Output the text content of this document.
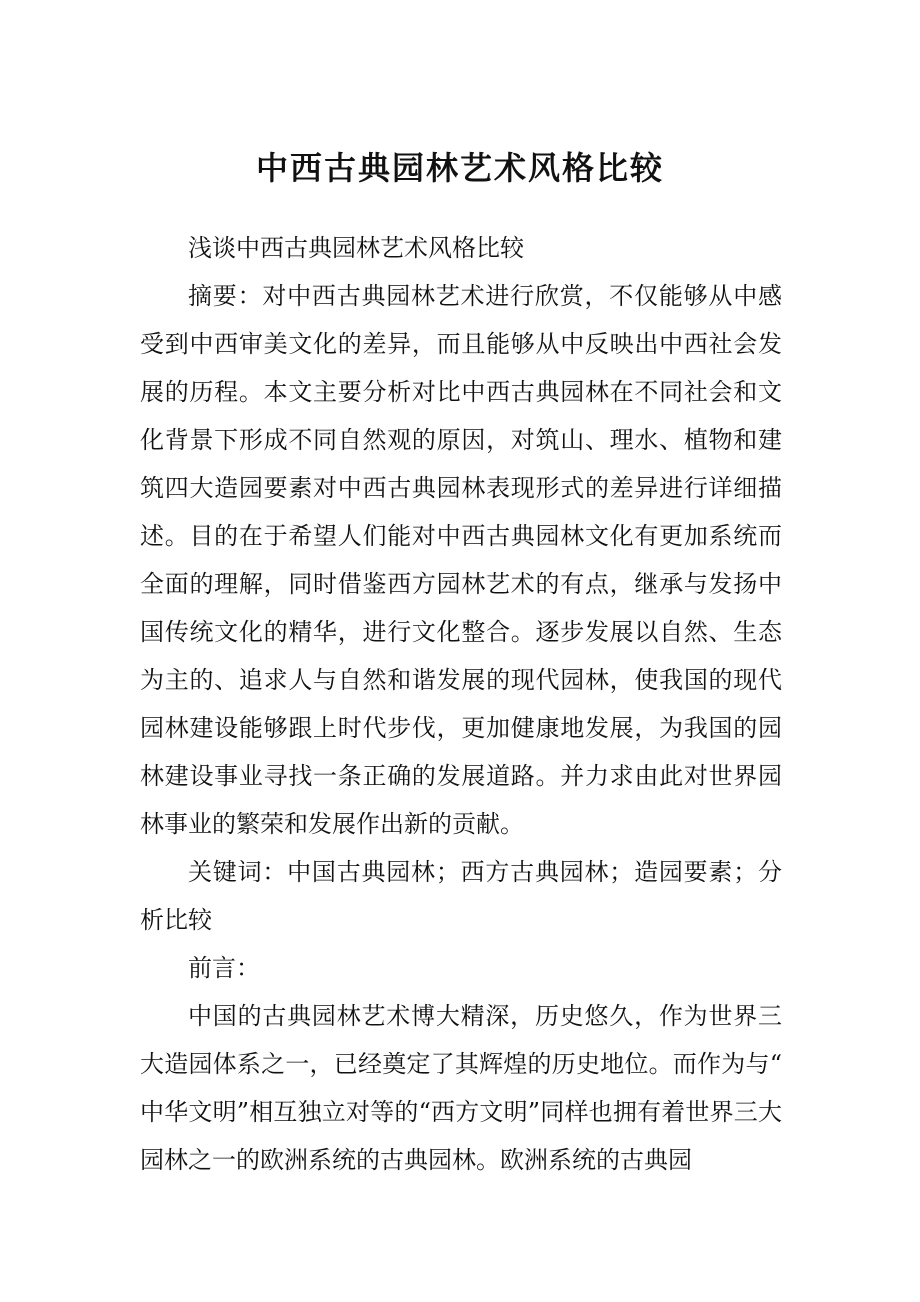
中西古典园林艺术风格比较

浅谈中西古典园林艺术风格比较

摘要：对中西古典园林艺术进行欣赏，不仅能够从中感受到中西审美文化的差异，而且能够从中反映出中西社会发展的历程。本文主要分析对比中西古典园林在不同社会和文化背景下形成不同自然观的原因，对筑山、理水、植物和建筑四大造园要素对中西古典园林表现形式的差异进行详细描述。目的在于希望人们能对中西古典园林文化有更加系统而全面的理解，同时借鉴西方园林艺术的有点，继承与发扬中国传统文化的精华，进行文化整合。逐步发展以自然、生态为主的、追求人与自然和谐发展的现代园林，使我国的现代园林建设能够跟上时代步伐，更加健康地发展，为我国的园林建设事业寻找一条正确的发展道路。并力求由此对世界园林事业的繁荣和发展作出新的贡献。

关键词：中国古典园林；西方古典园林；造园要素；分析比较

前言：

中国的古典园林艺术博大精深，历史悠久，作为世界三大造园体系之一，已经奠定了其辉煌的历史地位。而作为与“中华文明”相互独立对等的“西方文明”同样也拥有着世界三大园林之一的欧洲系统的古典园林。欧洲系统的古典园
